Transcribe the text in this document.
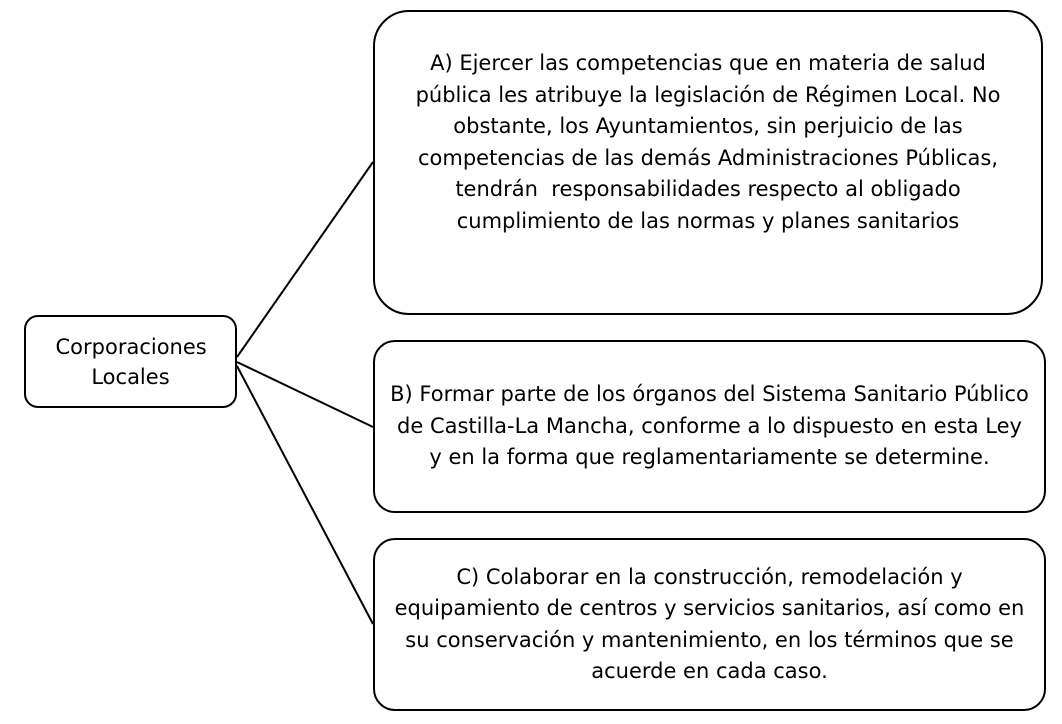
Corporaciones Locales
A) Ejercer las competencias que en materia de salud pública les atribuye la legislación de Régimen Local. No obstante, los Ayuntamientos, sin perjuicio de las competencias de las demás Administraciones Públicas, tendrán  responsabilidades respecto al obligado cumplimiento de las normas y planes sanitarios
B) Formar parte de los órganos del Sistema Sanitario Público de Castilla-La Mancha, conforme a lo dispuesto en esta Ley y en la forma que reglamentariamente se determine.
C) Colaborar en la construcción, remodelación y equipamiento de centros y servicios sanitarios, así como en su conservación y mantenimiento, en los términos que se acuerde en cada caso.
